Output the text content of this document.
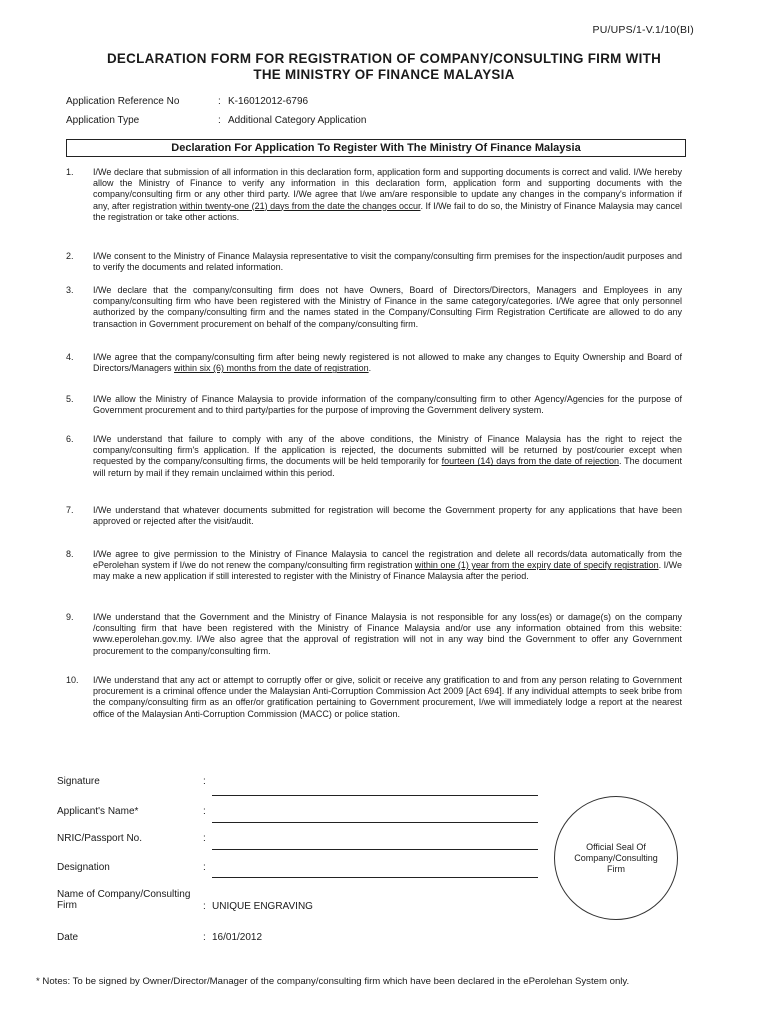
PU/UPS/1-V.1/10(BI)
DECLARATION FORM FOR REGISTRATION OF COMPANY/CONSULTING FIRM WITH
THE MINISTRY OF FINANCE MALAYSIA
Application Reference No	: K-16012012-6796
Application Type	: Additional Category Application
Declaration For Application To Register With The Ministry Of Finance Malaysia
1.	I/We declare that submission of all information in this declaration form, application form and supporting documents is correct and valid. I/We hereby allow the Ministry of Finance to verify any information in this declaration form, application form and supporting documents with the company/consulting firm or any other third party. I/We agree that I/we am/are responsible to update any changes in the company's information if any, after registration within twenty-one (21) days from the date the changes occur. If I/We fail to do so, the Ministry of Finance Malaysia may cancel the registration or take other actions.
2.	I/We consent to the Ministry of Finance Malaysia representative to visit the company/consulting firm premises for the inspection/audit purposes and to verify the documents and related information.
3.	I/We declare that the company/consulting firm does not have Owners, Board of Directors/Directors, Managers and Employees in any company/consulting firm who have been registered with the Ministry of Finance in the same category/categories. I/We agree that only personnel authorized by the company/consulting firm and the names stated in the Company/Consulting Firm Registration Certificate are allowed to do any transaction in Government procurement on behalf of the company/consulting firm.
4.	I/We agree that the company/consulting firm after being newly registered is not allowed to make any changes to Equity Ownership and Board of Directors/Managers within six (6) months from the date of registration.
5.	I/We allow the Ministry of Finance Malaysia to provide information of the company/consulting firm to other Agency/Agencies for the purpose of Government procurement and to third party/parties for the purpose of improving the Government delivery system.
6.	I/We understand that failure to comply with any of the above conditions, the Ministry of Finance Malaysia has the right to reject the company/consulting firm's application. If the application is rejected, the documents submitted will be returned by post/courier except when requested by the company/consulting firms, the documents will be held temporarily for fourteen (14) days from the date of rejection. The document will return by mail if they remain unclaimed within this period.
7.	I/We understand that whatever documents submitted for registration will become the Government property for any applications that have been approved or rejected after the visit/audit.
8.	I/We agree to give permission to the Ministry of Finance Malaysia to cancel the registration and delete all records/data automatically from the ePerolehan system if I/we do not renew the company/consulting firm registration within one (1) year from the expiry date of specify registration. I/We may make a new application if still interested to register with the Ministry of Finance Malaysia after the period.
9.	I/We understand that the Government and the Ministry of Finance Malaysia is not responsible for any loss(es) or damage(s) on the company /consulting firm that have been registered with the Ministry of Finance Malaysia and/or use any information obtained from this website: www.eperolehan.gov.my. I/We also agree that the approval of registration will not in any way bind the Government to offer any Government procurement to the company/consulting firm.
10.	I/We understand that any act or attempt to corruptly offer or give, solicit or receive any gratification to and from any person relating to Government procurement is a criminal offence under the Malaysian Anti-Corruption Commission Act 2009 [Act 694]. If any individual attempts to seek bribe from the company/consulting firm as an offer/or gratification pertaining to Government procurement, I/we will immediately lodge a report at the nearest office of the Malaysian Anti-Corruption Commission (MACC) or police station.
Signature	:
Applicant's Name*	:
NRIC/Passport No.	:
Designation	:
Name of Company/Consulting Firm	: UNIQUE ENGRAVING
Date	: 16/01/2012
Official Seal Of Company/Consulting Firm
* Notes: To be signed by Owner/Director/Manager of the company/consulting firm which have been declared in the ePerolehan System only.
